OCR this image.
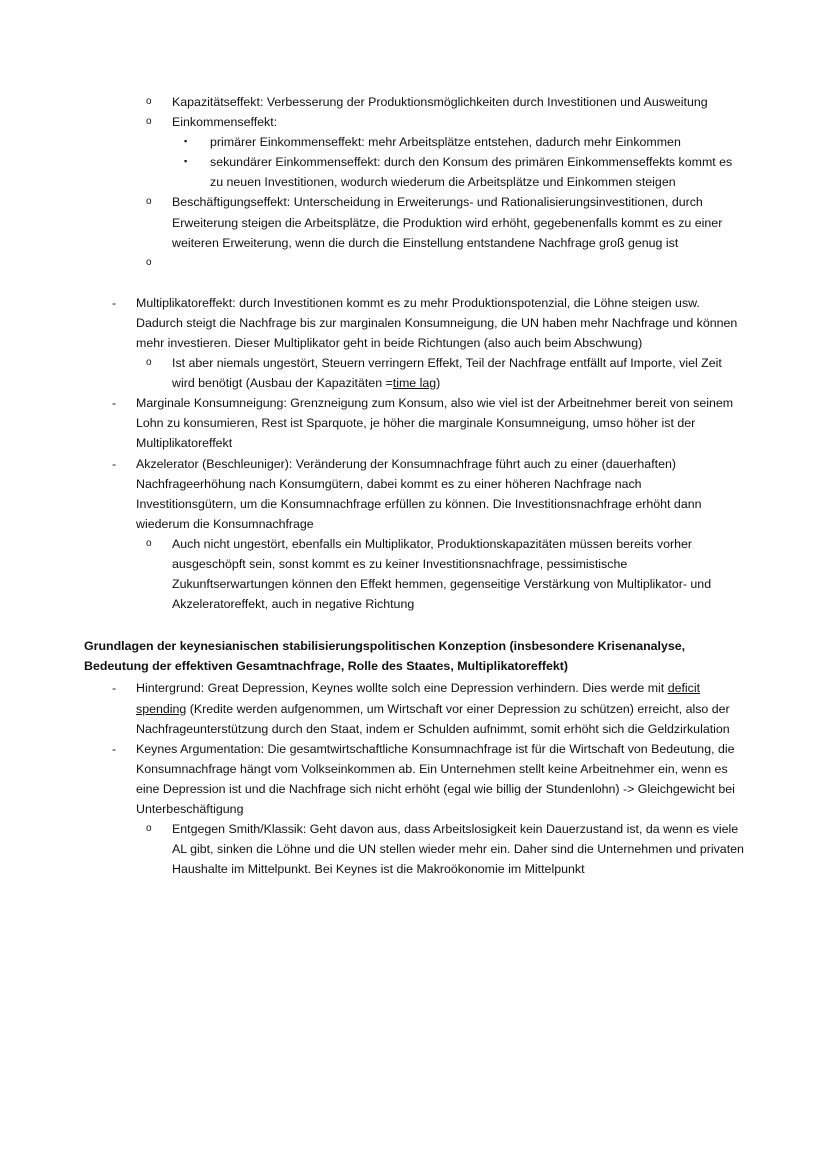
o	Kapazitätseffekt: Verbesserung der Produktionsmöglichkeiten durch Investitionen und Ausweitung
o	Einkommenseffekt:
▪	primärer Einkommenseffekt: mehr Arbeitsplätze entstehen, dadurch mehr Einkommen
▪	sekundärer Einkommenseffekt: durch den Konsum des primären Einkommenseffekts kommt es zu neuen Investitionen, wodurch wiederum die Arbeitsplätze und Einkommen steigen
o	Beschäftigungseffekt: Unterscheidung in Erweiterungs- und Rationalisierungsinvestitionen, durch Erweiterung steigen die Arbeitsplätze, die Produktion wird erhöht, gegebenenfalls kommt es zu einer weiteren Erweiterung, wenn die durch die Einstellung entstandene Nachfrage groß genug ist
o
-	Multiplikatoreffekt: durch Investitionen kommt es zu mehr Produktionspotenzial, die Löhne steigen usw. Dadurch steigt die Nachfrage bis zur marginalen Konsumneigung, die UN haben mehr Nachfrage und können mehr investieren. Dieser Multiplikator geht in beide Richtungen (also auch beim Abschwung)
o	Ist aber niemals ungestört, Steuern verringern Effekt, Teil der Nachfrage entfällt auf Importe, viel Zeit wird benötigt (Ausbau der Kapazitäten =time lag)
-	Marginale Konsumneigung: Grenzneigung zum Konsum, also wie viel ist der Arbeitnehmer bereit von seinem Lohn zu konsumieren, Rest ist Sparquote, je höher die marginale Konsumneigung, umso höher ist der Multiplikatoreffekt
-	Akzelerator (Beschleuniger): Veränderung der Konsumnachfrage führt auch zu einer (dauerhaften) Nachfrageerhöhung nach Konsumgütern, dabei kommt es zu einer höheren Nachfrage nach Investitionsgütern, um die Konsumnachfrage erfüllen zu können. Die Investitionsnachfrage erhöht dann wiederum die Konsumnachfrage
o	Auch nicht ungestört, ebenfalls ein Multiplikator, Produktionskapazitäten müssen bereits vorher ausgeschöpft sein, sonst kommt es zu keiner Investitionsnachfrage, pessimistische Zukunftserwartungen können den Effekt hemmen, gegenseitige Verstärkung von Multiplikator- und Akzeleratoreffekt, auch in negative Richtung
Grundlagen der keynesianischen stabilisierungspolitischen Konzeption (insbesondere Krisenanalyse, Bedeutung der effektiven Gesamtnachfrage, Rolle des Staates, Multiplikatoreffekt)
-	Hintergrund: Great Depression, Keynes wollte solch eine Depression verhindern. Dies werde mit deficit spending (Kredite werden aufgenommen, um Wirtschaft vor einer Depression zu schützen) erreicht, also der Nachfrageunterstützung durch den Staat, indem er Schulden aufnimmt, somit erhöht sich die Geldzirkulation
-	Keynes Argumentation: Die gesamtwirtschaftliche Konsumnachfrage ist für die Wirtschaft von Bedeutung, die Konsumnachfrage hängt vom Volkseinkommen ab. Ein Unternehmen stellt keine Arbeitnehmer ein, wenn es eine Depression ist und die Nachfrage sich nicht erhöht (egal wie billig der Stundenlohn) -> Gleichgewicht bei Unterbeschäftigung
o	Entgegen Smith/Klassik: Geht davon aus, dass Arbeitslosigkeit kein Dauerzustand ist, da wenn es viele AL gibt, sinken die Löhne und die UN stellen wieder mehr ein. Daher sind die Unternehmen und privaten Haushalte im Mittelpunkt. Bei Keynes ist die Makroökonomie im Mittelpunkt
